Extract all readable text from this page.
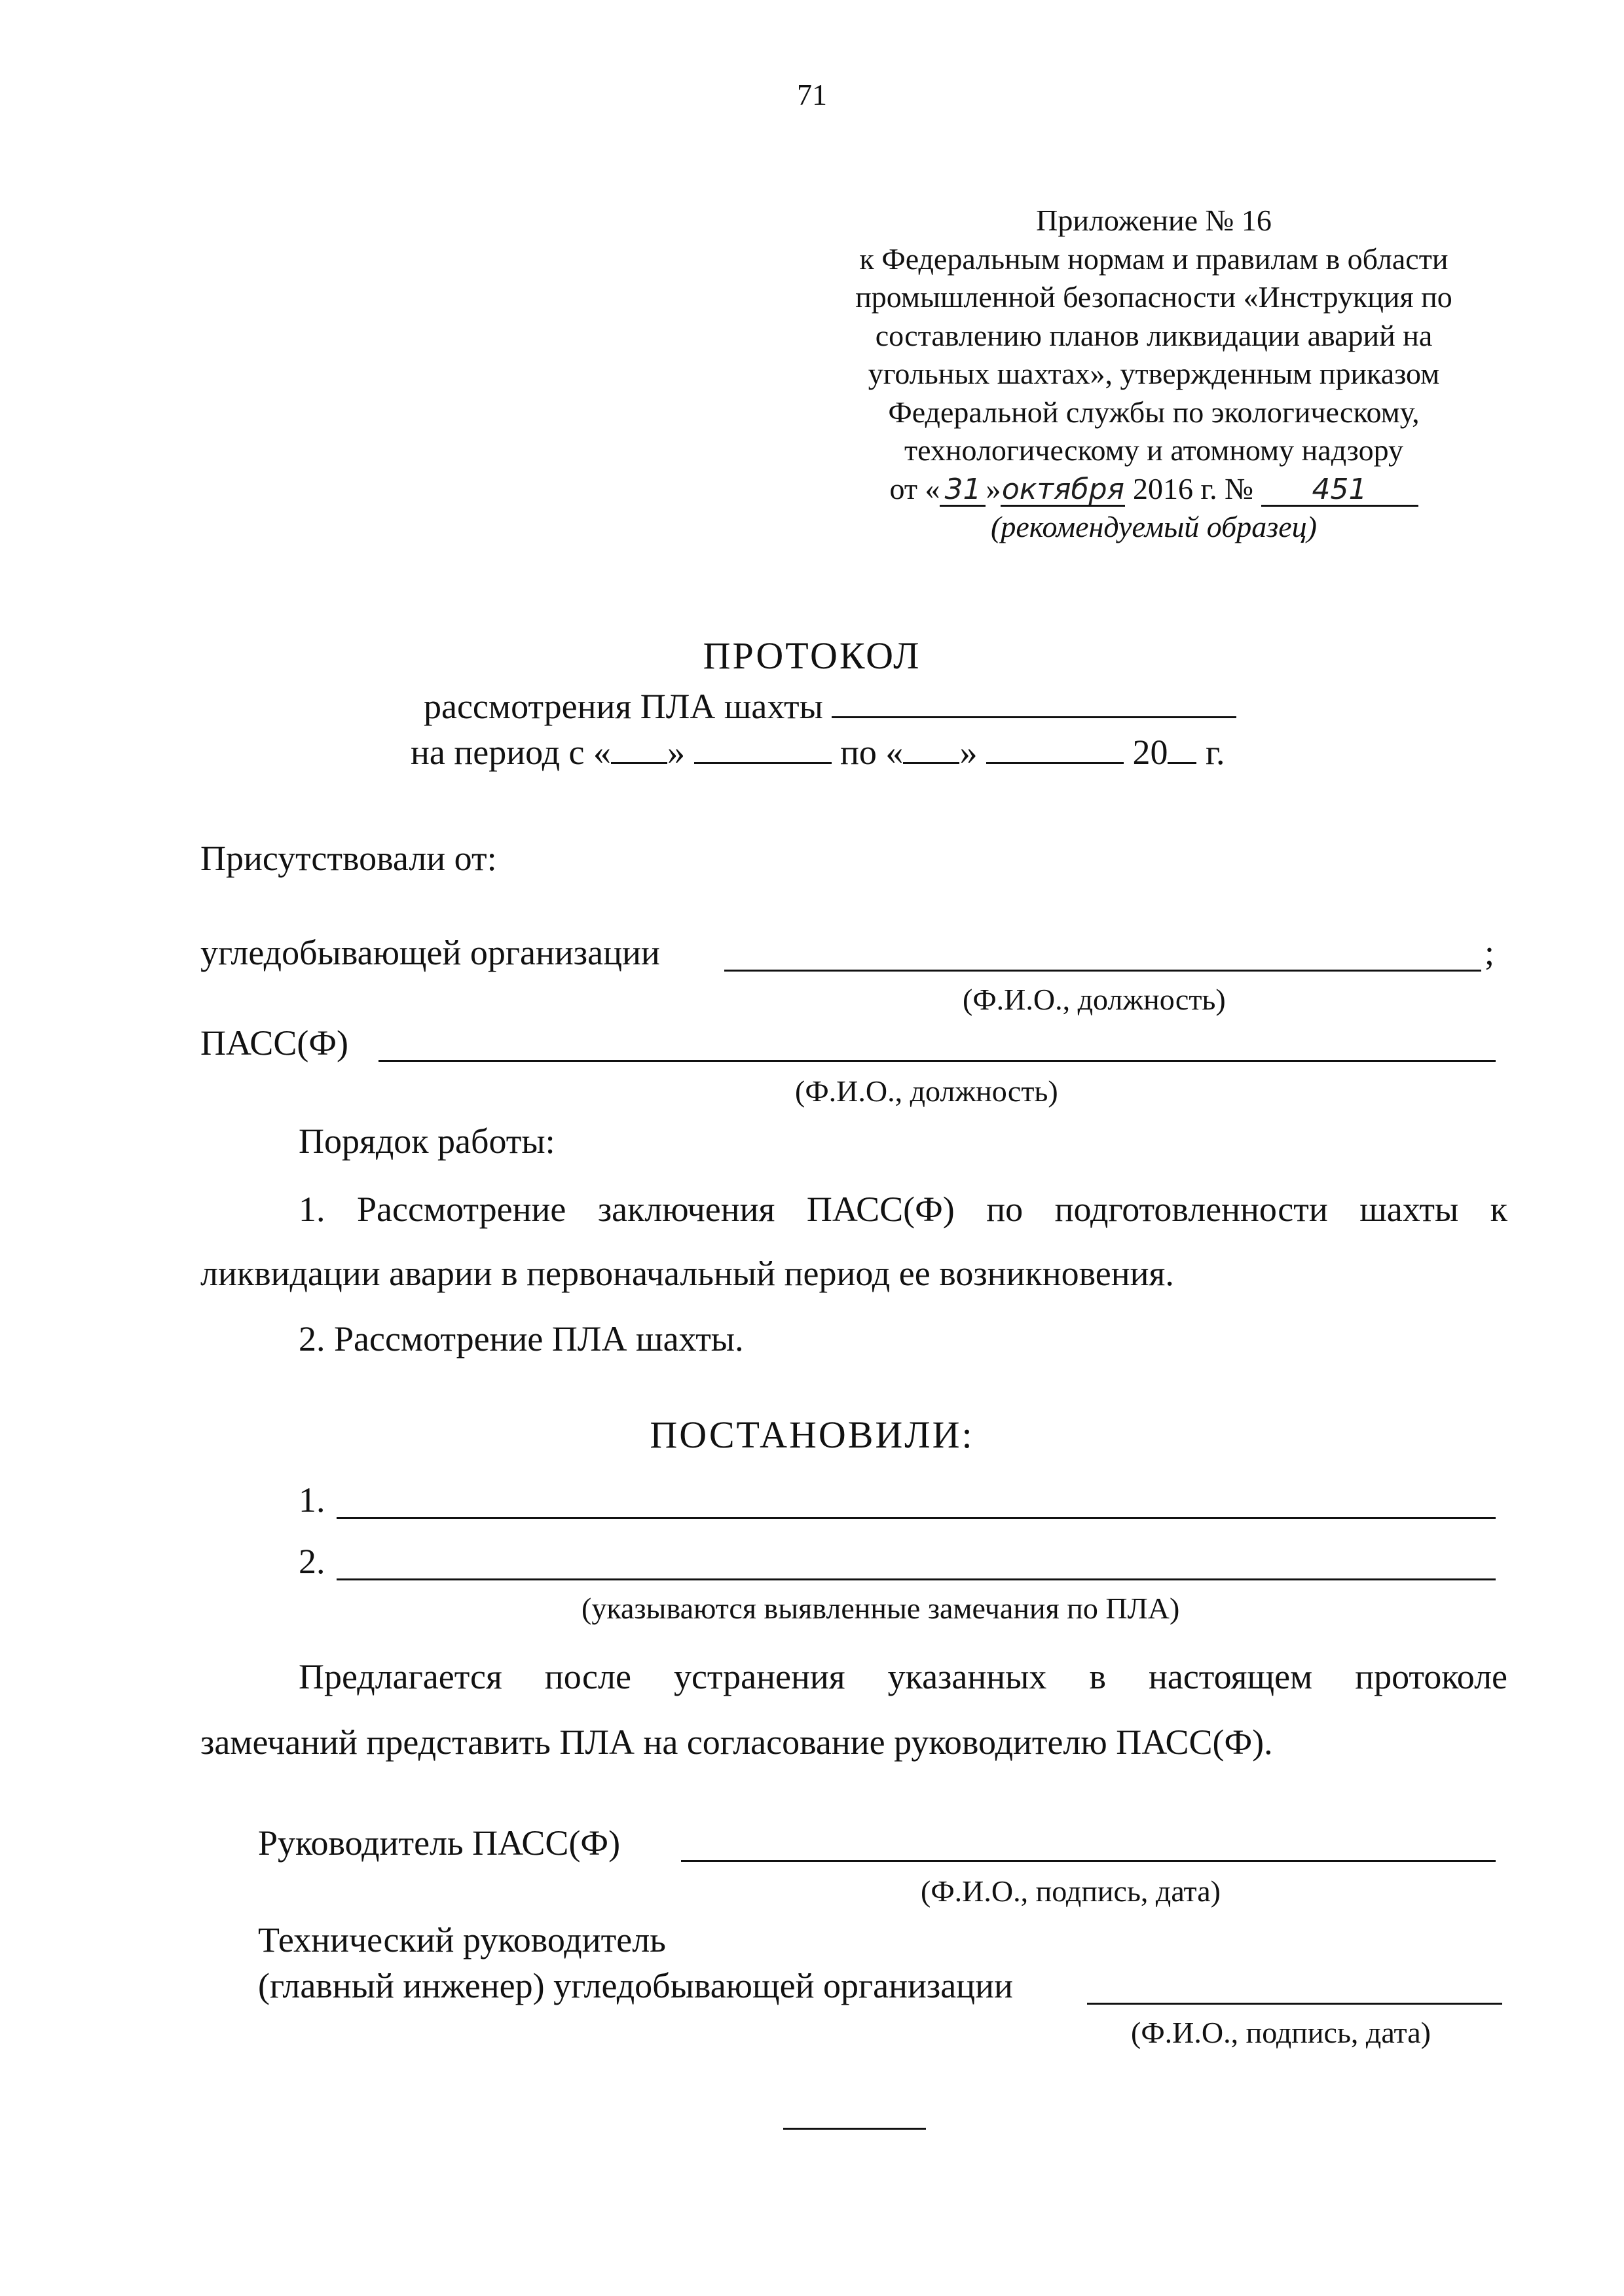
71
Приложение № 16
к Федеральным нормам и правилам в области
промышленной безопасности «Инструкция по
составлению планов ликвидации аварий на
угольных шахтах», утвержденным приказом
Федеральной службы по экологическому,
технологическому и атомному надзору
от « 31 »октября 2016 г. № 451
(рекомендуемый образец)
ПРОТОКОЛ
рассмотрения ПЛА шахты
на период с « »	по « »	20 г.
Присутствовали от:
угледобывающей организации	;
(Ф.И.О., должность)
ПАСС(Ф)
(Ф.И.О., должность)
Порядок работы:
1. Рассмотрение заключения ПАСС(Ф) по подготовленности шахты к
ликвидации аварии в первоначальный период ее возникновения.
2. Рассмотрение ПЛА шахты.
ПОСТАНОВИЛИ:
1.
2.
(указываются выявленные замечания по ПЛА)
Предлагается после устранения указанных в настоящем протоколе
замечаний представить ПЛА на согласование руководителю ПАСС(Ф).
Руководитель ПАСС(Ф)
(Ф.И.О., подпись, дата)
Технический руководитель
(главный инженер) угледобывающей организации
(Ф.И.О., подпись, дата)
